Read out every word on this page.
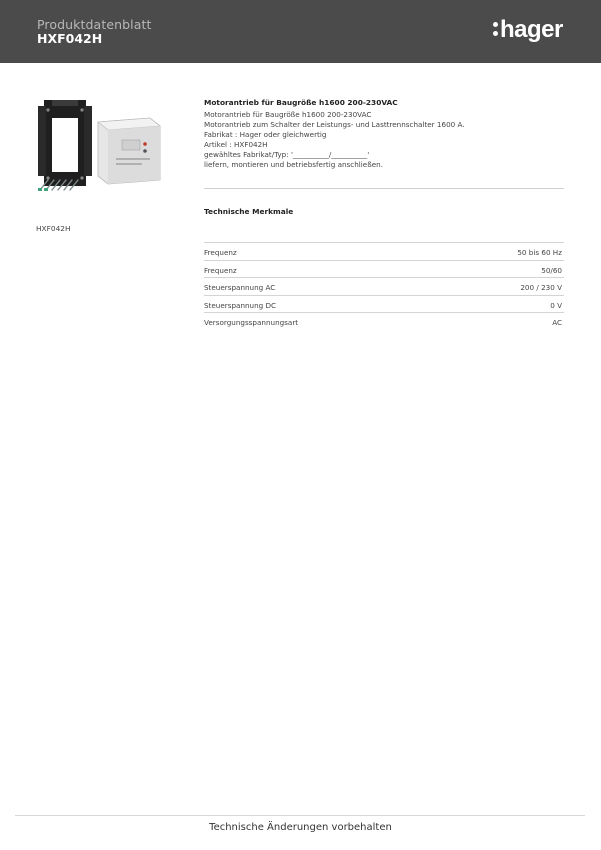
Produktdatenblatt
HXF042H	hager
HXF042H
Motorantrieb für Baugröße h1600 200-230VAC
Motorantrieb für Baugröße h1600 200-230VAC
Motorantrieb zum Schalter der Leistungs- und Lasttrennschalter 1600 A.
Fabrikat : Hager oder gleichwertig
Artikel : HXF042H
gewähltes Fabrikat/Typ: '__________/__________'
liefern, montieren und betriebsfertig anschließen.
Technische Merkmale
Frequenz	50 bis 60 Hz
Frequenz	50/60
Steuerspannung AC	200 / 230 V
Steuerspannung DC	0 V
Versorgungsspannungsart	AC
Technische Änderungen vorbehalten
